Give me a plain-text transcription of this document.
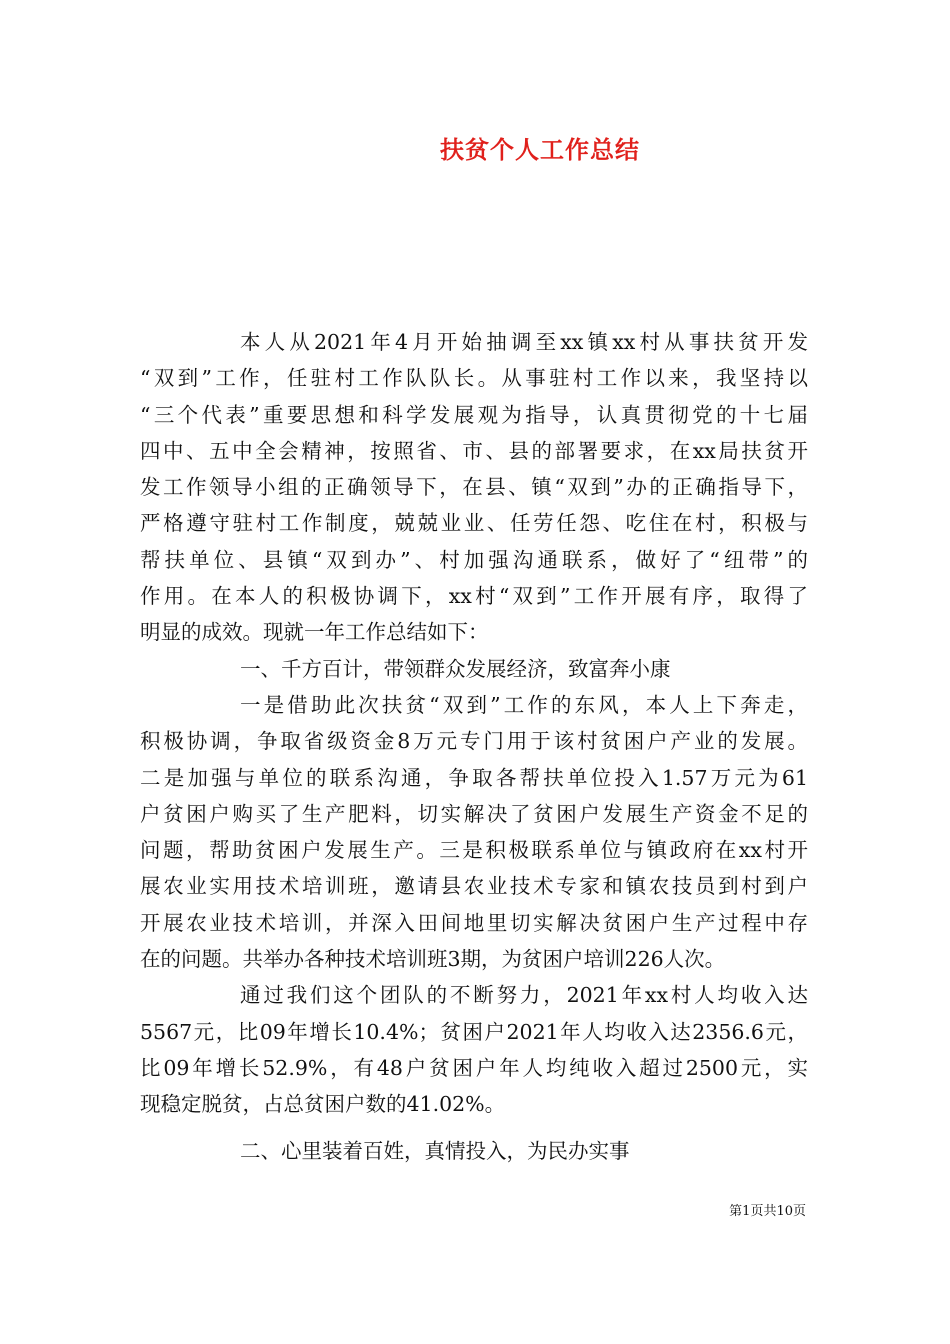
扶贫个人工作总结
本人从2021年4月开始抽调至xx镇xx村从事扶贫开发
“双到”工作，任驻村工作队队长。从事驻村工作以来，我坚持以
“三个代表”重要思想和科学发展观为指导，认真贯彻党的十七届
四中、五中全会精神，按照省、市、县的部署要求，在xx局扶贫开
发工作领导小组的正确领导下，在县、镇“双到”办的正确指导下，
严格遵守驻村工作制度，兢兢业业、任劳任怨、吃住在村，积极与
帮扶单位、县镇“双到办”、村加强沟通联系，做好了“纽带”的
作用。在本人的积极协调下，xx村“双到”工作开展有序，取得了
明显的成效。现就一年工作总结如下：
一、千方百计，带领群众发展经济，致富奔小康
一是借助此次扶贫“双到”工作的东风，本人上下奔走，
积极协调，争取省级资金8万元专门用于该村贫困户产业的发展。
二是加强与单位的联系沟通，争取各帮扶单位投入1.57万元为61
户贫困户购买了生产肥料，切实解决了贫困户发展生产资金不足的
问题，帮助贫困户发展生产。三是积极联系单位与镇政府在xx村开
展农业实用技术培训班，邀请县农业技术专家和镇农技员到村到户
开展农业技术培训，并深入田间地里切实解决贫困户生产过程中存
在的问题。共举办各种技术培训班3期，为贫困户培训226人次。
通过我们这个团队的不断努力，2021年xx村人均收入达
5567元，比09年增长10.4%；贫困户2021年人均收入达2356.6元，
比09年增长52.9%，有48户贫困户年人均纯收入超过2500元，实
现稳定脱贫，占总贫困户数的41.02%。
二、心里装着百姓，真情投入，为民办实事
第1页共10页
